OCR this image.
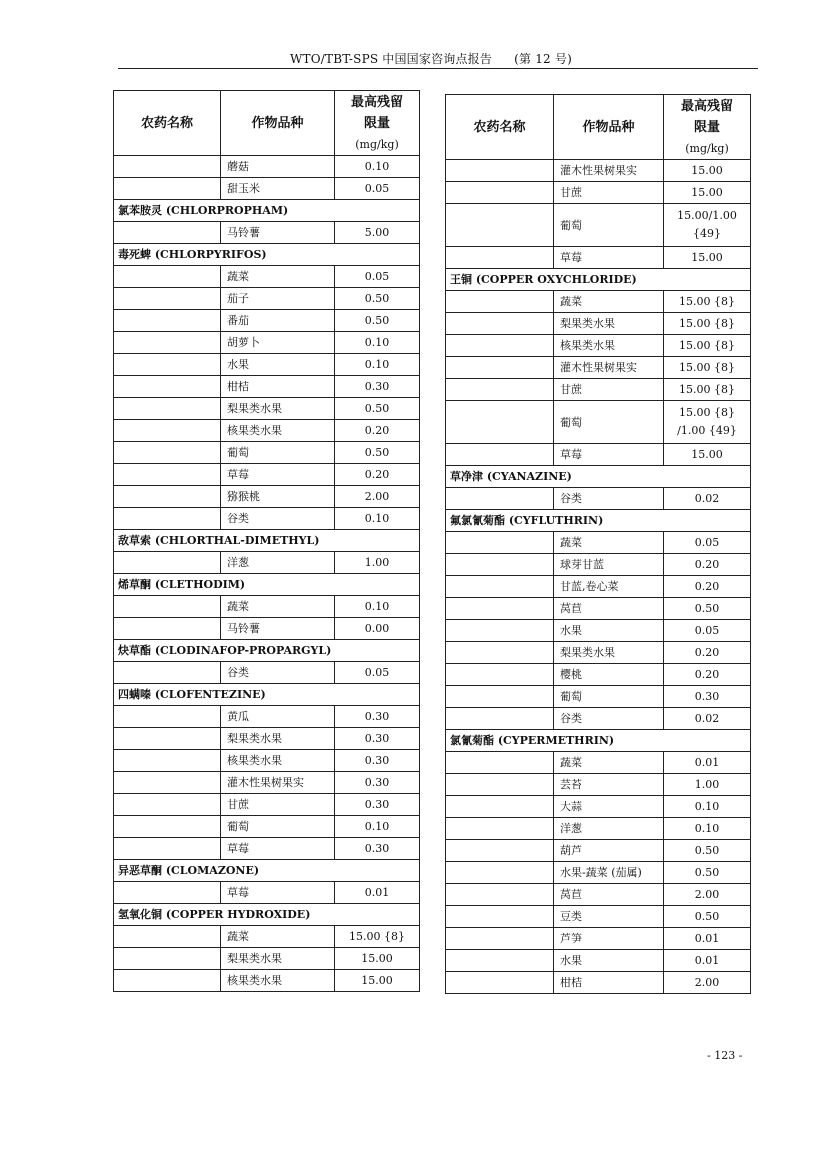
WTO/TBT-SPS 中国国家咨询点报告 (第 12 号)
农药名称	作物品种	最高残留
限量
(mg/kg)

	蘑菇	0.10
	甜玉米	0.05
氯苯胺灵 (CHLORPROPHAM)		
	马铃薯	5.00
毒死蜱 (CHLORPYRIFOS)		
	蔬菜	0.05
	茄子	0.50
	番茄	0.50
	胡萝卜	0.10
	水果	0.10
	柑桔	0.30
	梨果类水果	0.50
	核果类水果	0.20
	葡萄	0.50
	草莓	0.20
	猕猴桃	2.00
	谷类	0.10
敌草索 (CHLORTHAL-DIMETHYL)		
	洋葱	1.00
烯草酮 (CLETHODIM)		
	蔬菜	0.10
	马铃薯	0.00
炔草酯 (CLODINAFOP-PROPARGYL)		
	谷类	0.05
四螨嗪 (CLOFENTEZINE)		
	黄瓜	0.30
	梨果类水果	0.30
	核果类水果	0.30
	灌木性果树果实	0.30
	甘蔗	0.30
	葡萄	0.10
	草莓	0.30
异恶草酮 (CLOMAZONE)		
	草莓	0.01
氢氧化铜 (COPPER HYDROXIDE)		
	蔬菜	15.00 {8}
	梨果类水果	15.00
	核果类水果	15.00
农药名称	作物品种	最高残留
限量
(mg/kg)

	灌木性果树果实	15.00
	甘蔗	15.00
	葡萄	15.00/1.00 {49}
	草莓	15.00
王铜 (COPPER OXYCHLORIDE)		
	蔬菜	15.00 {8}
	梨果类水果	15.00 {8}
	核果类水果	15.00 {8}
	灌木性果树果实	15.00 {8}
	甘蔗	15.00 {8}
	葡萄	15.00 {8} /1.00 {49}
	草莓	15.00
草净津 (CYANAZINE)		
	谷类	0.02
氟氯氰菊酯 (CYFLUTHRIN)		
	蔬菜	0.05
	球芽甘蓝	0.20
	甘蓝,卷心菜	0.20
	莴苣	0.50
	水果	0.05
	梨果类水果	0.20
	樱桃	0.20
	葡萄	0.30
	谷类	0.02
氯氰菊酯 (CYPERMETHRIN)		
	蔬菜	0.01
	芸苔	1.00
	大蒜	0.10
	洋葱	0.10
	葫芦	0.50
	水果-蔬菜 (茄属)	0.50
	莴苣	2.00
	豆类	0.50
	芦笋	0.01
	水果	0.01
	柑桔	2.00
- 123 -
